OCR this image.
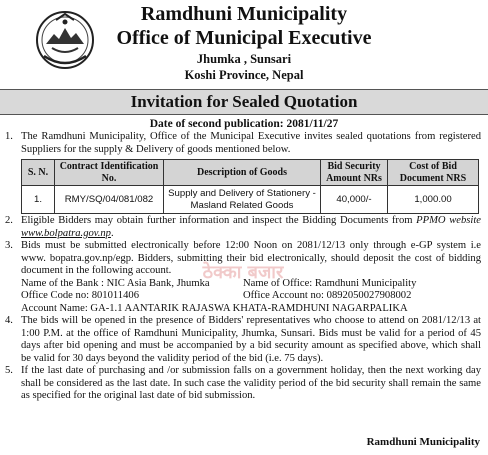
Ramdhuni Municipality
Office of Municipal Executive
Jhumka , Sunsari
Koshi Province, Nepal
Invitation for Sealed Quotation
Date of second publication: 2081/11/27
1. The Ramdhuni Municipality, Office of the Municipal Executive invites sealed quotations from registered Suppliers for the supply & Delivery of goods mentioned below.
S. N.	Contract Identification No.	Description of Goods	Bid Security Amount NRs	Cost of Bid Document NRS
1.	RMY/SQ/04/081/082	Supply and Delivery of Stationery - Masland Related Goods	40,000/-	1,000.00
2. Eligible Bidders may obtain further information and inspect the Bidding Documents from PPMO website www.bolpatra.gov.np.
3. Bids must be submitted electronically before 12:00 Noon on 2081/12/13 only through e-GP system i.e www. bopatra.gov.np/egp. Bidders, submitting their bid electronically, should deposit the cost of bidding document in the following account.
Name of the Bank : NIC Asia Bank, Jhumka	Name of Office: Ramdhuni Municipality
Office Code no: 801011406	Office Account no: 0892050027908002
Account Name: GA-1.1 AANTARIK RAJASWA KHATA-RAMDHUNI NAGARPALIKA
4. The bids will be opened in the presence of Bidders' representatives who choose to attend on 2081/12/13 at 1:00 P.M. at the office of Ramdhuni Municipality, Jhumka, Sunsari. Bids must be valid for a period of 45 days after bid opening and must be accompanied by a bid security amount as specified above, which shall be valid for 30 days beyond the validity period of the bid (i.e. 75 days).
5. If the last date of purchasing and /or submission falls on a government holiday, then the next working day shall be considered as the last date. In such case the validity period of the bid security shall remain the same as specified for the original last date of bid submission.
ठेक्का बजार
Ramdhuni Municipality
